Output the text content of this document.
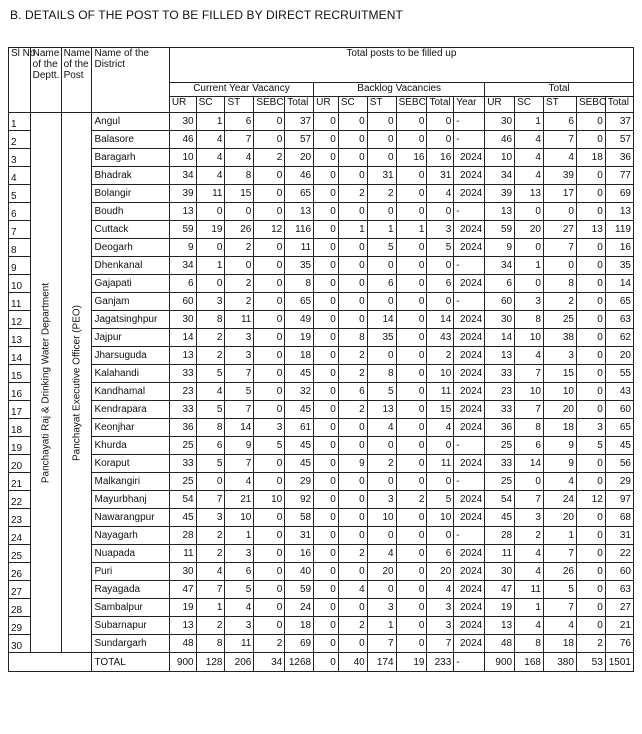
B. DETAILS OF THE POST TO BE FILLED BY DIRECT RECRUITMENT
Sl No	Name of the Deptt.	Name of the Post	Name of the District	Total posts to be filled up															
				Current Year Vacancy					Backlog Vacancies						Total				
				UR	SC	ST	SEBC	Total	UR	SC	ST	SEBC	Total	Year	UR	SC	ST	SEBC	Total
1	Panchayati Raj & Drinking Water Department	Panchayat Executive Officer (PEO)	Angul	30	1	6	0	37	0	0	0	0	0	-	30	1	6	0	37
2			Balasore	46	4	7	0	57	0	0	0	0	0	-	46	4	7	0	57
3			Baragarh	10	4	4	2	20	0	0	0	16	16	2024	10	4	4	18	36
4			Bhadrak	34	4	8	0	46	0	0	31	0	31	2024	34	4	39	0	77
5			Bolangir	39	11	15	0	65	0	2	2	0	4	2024	39	13	17	0	69
6			Boudh	13	0	0	0	13	0	0	0	0	0	-	13	0	0	0	13
7			Cuttack	59	19	26	12	116	0	1	1	1	3	2024	59	20	27	13	119
8			Deogarh	9	0	2	0	11	0	0	5	0	5	2024	9	0	7	0	16
9			Dhenkanal	34	1	0	0	35	0	0	0	0	0	-	34	1	0	0	35
10			Gajapati	6	0	2	0	8	0	0	6	0	6	2024	6	0	8	0	14
11			Ganjam	60	3	2	0	65	0	0	0	0	0	-	60	3	2	0	65
12			Jagatsinghpur	30	8	11	0	49	0	0	14	0	14	2024	30	8	25	0	63
13			Jajpur	14	2	3	0	19	0	8	35	0	43	2024	14	10	38	0	62
14			Jharsuguda	13	2	3	0	18	0	2	0	0	2	2024	13	4	3	0	20
15			Kalahandi	33	5	7	0	45	0	2	8	0	10	2024	33	7	15	0	55
16			Kandhamal	23	4	5	0	32	0	6	5	0	11	2024	23	10	10	0	43
17			Kendrapara	33	5	7	0	45	0	2	13	0	15	2024	33	7	20	0	60
18			Keonjhar	36	8	14	3	61	0	0	4	0	4	2024	36	8	18	3	65
19			Khurda	25	6	9	5	45	0	0	0	0	0	-	25	6	9	5	45
20			Koraput	33	5	7	0	45	0	9	2	0	11	2024	33	14	9	0	56
21			Malkangiri	25	0	4	0	29	0	0	0	0	0	-	25	0	4	0	29
22			Mayurbhanj	54	7	21	10	92	0	0	3	2	5	2024	54	7	24	12	97
23			Nawarangpur	45	3	10	0	58	0	0	10	0	10	2024	45	3	20	0	68
24			Nayagarh	28	2	1	0	31	0	0	0	0	0	-	28	2	1	0	31
25			Nuapada	11	2	3	0	16	0	2	4	0	6	2024	11	4	7	0	22
26			Puri	30	4	6	0	40	0	0	20	0	20	2024	30	4	26	0	60
27			Rayagada	47	7	5	0	59	0	4	0	0	4	2024	47	11	5	0	63
28			Sambalpur	19	1	4	0	24	0	0	3	0	3	2024	19	1	7	0	27
29			Subarnapur	13	2	3	0	18	0	2	1	0	3	2024	13	4	4	0	21
30			Sundargarh	48	8	11	2	69	0	0	7	0	7	2024	48	8	18	2	76
			TOTAL	900	128	206	34	1268	0	40	174	19	233	-	900	168	380	53	1501
